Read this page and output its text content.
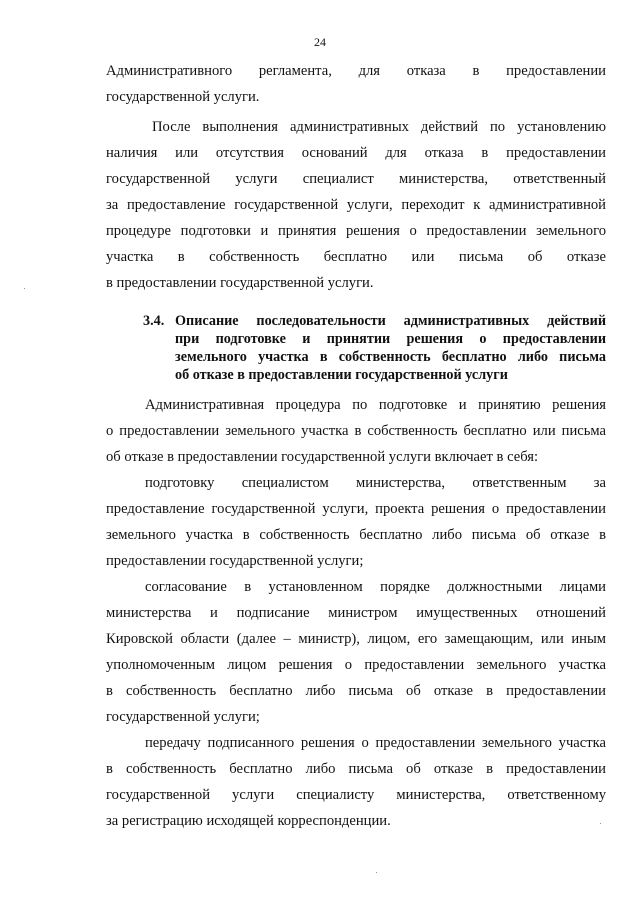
24
Административного регламента, для отказа в предоставлении
государственной услуги.
После выполнения административных действий по установлению
наличия или отсутствия оснований для отказа в предоставлении
государственной услуги специалист министерства, ответственный
за предоставление государственной услуги, переходит к административной
процедуре подготовки и принятия решения о предоставлении земельного
участка в собственность бесплатно или письма об отказе
в предоставлении государственной услуги.
3.4. Описание последовательности административных действий
при подготовке и принятии решения о предоставлении
земельного участка в собственность бесплатно либо письма
об отказе в предоставлении государственной услуги
Административная процедура по подготовке и принятию решения
о предоставлении земельного участка в собственность бесплатно или письма
об отказе в предоставлении государственной услуги включает в себя:
подготовку специалистом министерства, ответственным за
предоставление государственной услуги, проекта решения о предоставлении
земельного участка в собственность бесплатно либо письма об отказе в
предоставлении государственной услуги;
согласование в установленном порядке должностными лицами
министерства и подписание министром имущественных отношений
Кировской области (далее – министр), лицом, его замещающим, или иным
уполномоченным лицом решения о предоставлении земельного участка
в собственность бесплатно либо письма об отказе в предоставлении
государственной услуги;
передачу подписанного решения о предоставлении земельного участка
в собственность бесплатно либо письма об отказе в предоставлении
государственной услуги специалисту министерства, ответственному
за регистрацию исходящей корреспонденции.
